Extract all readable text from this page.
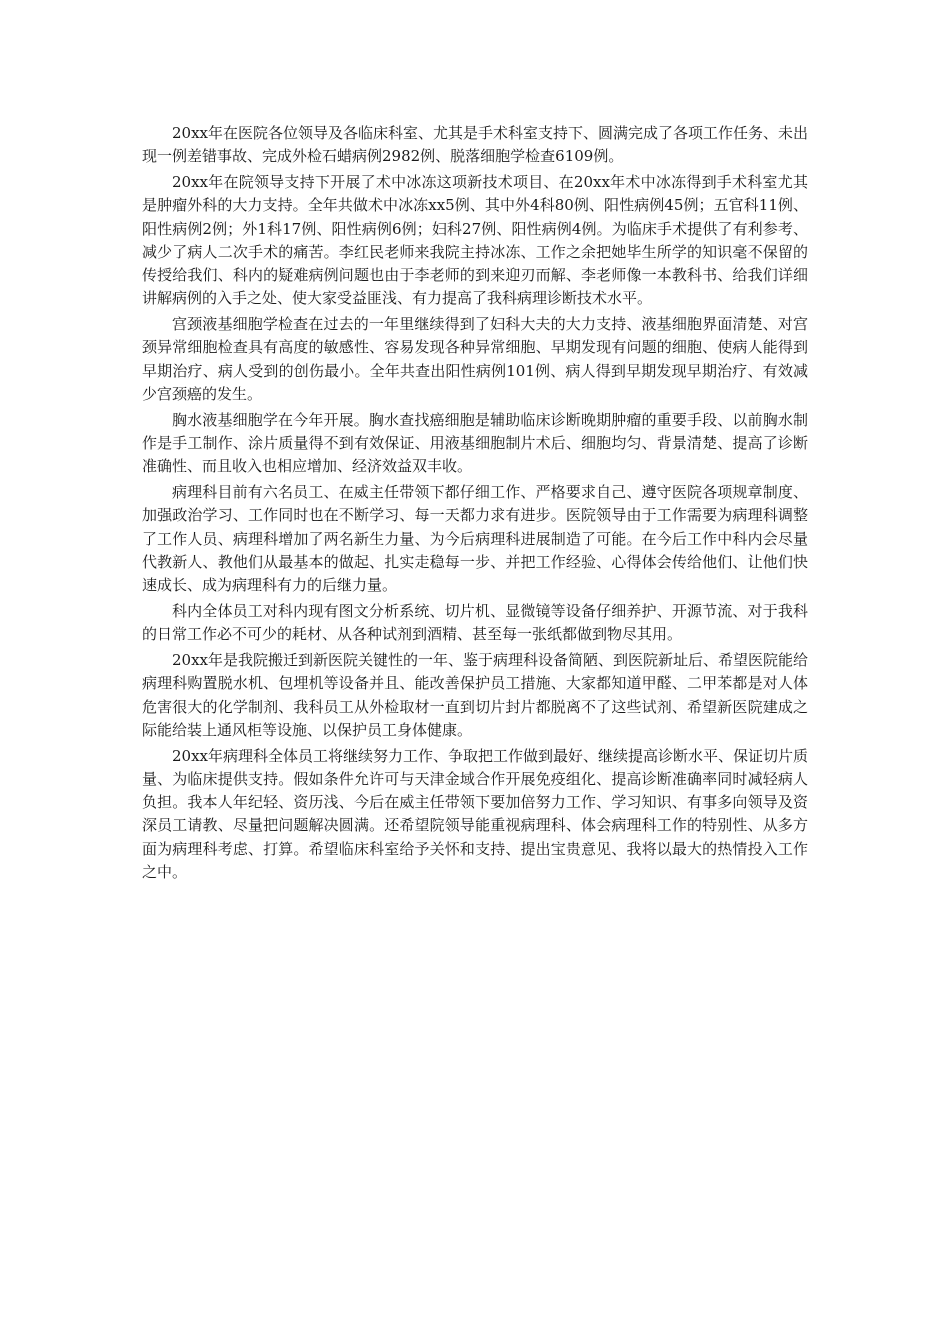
20xx年在医院各位领导及各临床科室、尤其是手术科室支持下、圆满完成了各项工作任务、未出现一例差错事故、完成外检石蜡病例2982例、脱落细胞学检查6109例。

20xx年在院领导支持下开展了术中冰冻这项新技术项目、在20xx年术中冰冻得到手术科室尤其是肿瘤外科的大力支持。全年共做术中冰冻xx5例、其中外4科80例、阳性病例45例；五官科11例、阳性病例2例；外1科17例、阳性病例6例；妇科27例、阳性病例4例。为临床手术提供了有利参考、减少了病人二次手术的痛苦。李红民老师来我院主持冰冻、工作之余把她毕生所学的知识毫不保留的传授给我们、科内的疑难病例问题也由于李老师的到来迎刃而解、李老师像一本教科书、给我们详细讲解病例的入手之处、使大家受益匪浅、有力提高了我科病理诊断技术水平。

宫颈液基细胞学检查在过去的一年里继续得到了妇科大夫的大力支持、液基细胞界面清楚、对宫颈异常细胞检查具有高度的敏感性、容易发现各种异常细胞、早期发现有问题的细胞、使病人能得到早期治疗、病人受到的创伤最小。全年共查出阳性病例101例、病人得到早期发现早期治疗、有效减少宫颈癌的发生。

胸水液基细胞学在今年开展。胸水查找癌细胞是辅助临床诊断晚期肿瘤的重要手段、以前胸水制作是手工制作、涂片质量得不到有效保证、用液基细胞制片术后、细胞均匀、背景清楚、提高了诊断准确性、而且收入也相应增加、经济效益双丰收。

病理科目前有六名员工、在威主任带领下都仔细工作、严格要求自己、遵守医院各项规章制度、加强政治学习、工作同时也在不断学习、每一天都力求有进步。医院领导由于工作需要为病理科调整了工作人员、病理科增加了两名新生力量、为今后病理科进展制造了可能。在今后工作中科内会尽量代教新人、教他们从最基本的做起、扎实走稳每一步、并把工作经验、心得体会传给他们、让他们快速成长、成为病理科有力的后继力量。

科内全体员工对科内现有图文分析系统、切片机、显微镜等设备仔细养护、开源节流、对于我科的日常工作必不可少的耗材、从各种试剂到酒精、甚至每一张纸都做到物尽其用。

20xx年是我院搬迁到新医院关键性的一年、鉴于病理科设备简陋、到医院新址后、希望医院能给病理科购置脱水机、包埋机等设备并且、能改善保护员工措施、大家都知道甲醛、二甲苯都是对人体危害很大的化学制剂、我科员工从外检取材一直到切片封片都脱离不了这些试剂、希望新医院建成之际能给装上通风柜等设施、以保护员工身体健康。

20xx年病理科全体员工将继续努力工作、争取把工作做到最好、继续提高诊断水平、保证切片质量、为临床提供支持。假如条件允许可与天津金域合作开展免疫组化、提高诊断准确率同时减轻病人负担。我本人年纪轻、资历浅、今后在威主任带领下要加倍努力工作、学习知识、有事多向领导及资深员工请教、尽量把问题解决圆满。还希望院领导能重视病理科、体会病理科工作的特别性、从多方面为病理科考虑、打算。希望临床科室给予关怀和支持、提出宝贵意见、我将以最大的热情投入工作之中。
